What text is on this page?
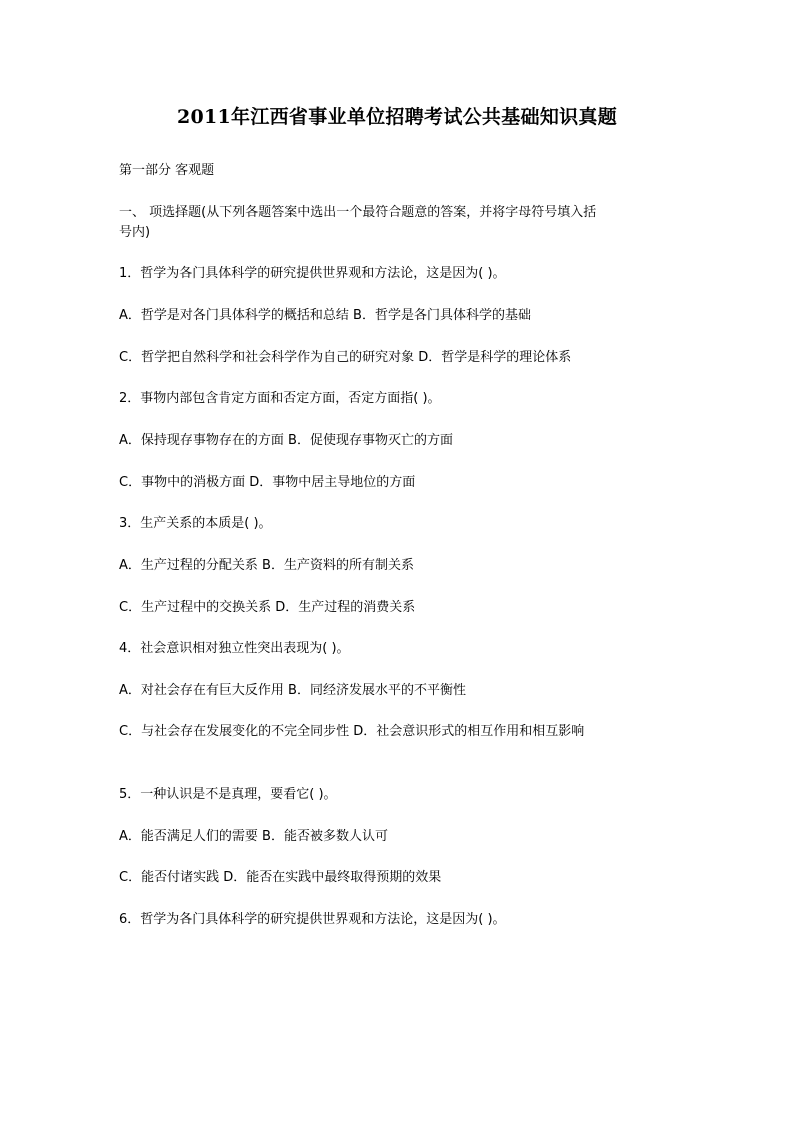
2011年江西省事业单位招聘考试公共基础知识真题
第一部分 客观题
一、 项选择题(从下列各题答案中选出一个最符合题意的答案，并将字母符号填入括号内)
1．哲学为各门具体科学的研究提供世界观和方法论，这是因为( )。
A．哲学是对各门具体科学的概括和总结 B．哲学是各门具体科学的基础
C．哲学把自然科学和社会科学作为自己的研究对象 D．哲学是科学的理论体系
2．事物内部包含肯定方面和否定方面，否定方面指( )。
A．保持现存事物存在的方面 B．促使现存事物灭亡的方面
C．事物中的消极方面 D．事物中居主导地位的方面
3．生产关系的本质是( )。
A．生产过程的分配关系 B．生产资料的所有制关系
C．生产过程中的交换关系 D．生产过程的消费关系
4．社会意识相对独立性突出表现为( )。
A．对社会存在有巨大反作用 B．同经济发展水平的不平衡性
C．与社会存在发展变化的不完全同步性 D．社会意识形式的相互作用和相互影响
5．一种认识是不是真理，要看它( )。
A．能否满足人们的需要 B．能否被多数人认可
C．能否付诸实践 D．能否在实践中最终取得预期的效果
6．哲学为各门具体科学的研究提供世界观和方法论，这是因为( )。
